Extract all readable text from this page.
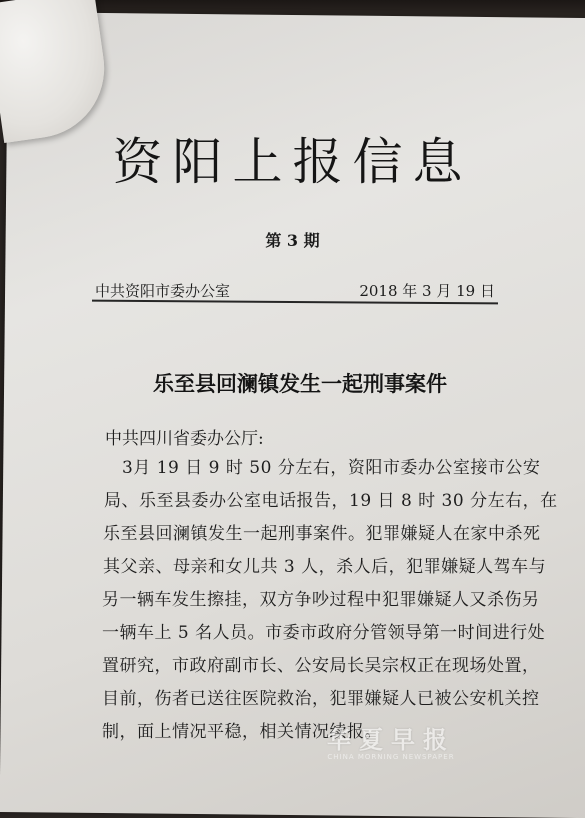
资阳上报信息
第 3 期
中共资阳市委办公室	2018 年 3 月 19 日
乐至县回澜镇发生一起刑事案件
中共四川省委办公厅:
3月 19 日 9 时 50 分左右，资阳市委办公室接市公安
局、乐至县委办公室电话报告，19 日 8 时 30 分左右，在
乐至县回澜镇发生一起刑事案件。犯罪嫌疑人在家中杀死
其父亲、母亲和女儿共 3 人，杀人后，犯罪嫌疑人驾车与
另一辆车发生擦挂，双方争吵过程中犯罪嫌疑人又杀伤另
一辆车上 5 名人员。市委市政府分管领导第一时间进行处
置研究，市政府副市长、公安局长吴宗权正在现场处置，
目前，伤者已送往医院救治，犯罪嫌疑人已被公安机关控
制，面上情况平稳，相关情况续报。
华夏早报
CHINA MORNING NEWSPAPER
